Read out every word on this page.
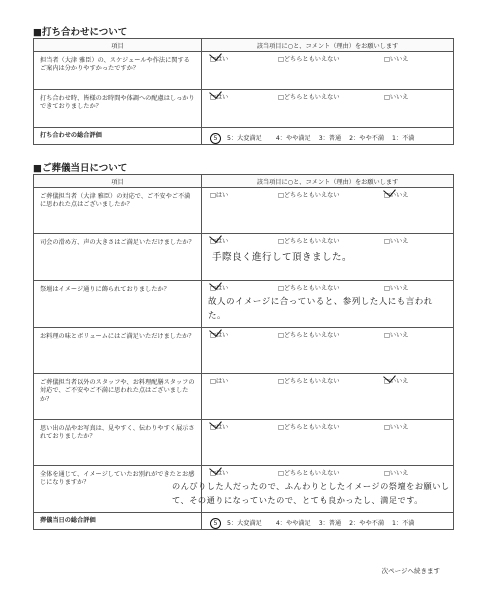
■打ち合わせについて
項目	該当項目に○と、コメント（理由）をお願いします

担当者（大津 雅臣）の、スケジュールや作法に関するご案内は分かりやすかったですか？	□はい □どちらともいえない □いいえ

打ち合わせ時、皆様のお時間や体調への配慮はしっかりできておりましたか？	□はい □どちらともいえない □いいえ

打ち合わせの総合評価	5 5：大変満足 4：やや満足 3：普通 2：やや不満 1：不満
■ご葬儀当日について
項目	該当項目に○と、コメント（理由）をお願いします

ご葬儀担当者（大津 雅臣）の対応で、ご不安やご不満に思われた点はございましたか？	□はい □どちらともいえない □いいえ

司会の滑め方、声の大きさはご満足いただけましたか？	□はい □どちらともいえない □いいえ
手際良く進行して頂きました。

祭壇はイメージ通りに飾られておりましたか？	□はい □どちらともいえない □いいえ
故人のイメージに合っていると、参列した人にも言われた。

お料理の味とボリュームにはご満足いただけましたか？	□はい □どちらともいえない □いいえ

ご葬儀担当者以外のスタッフや、お料理配膳スタッフの対応で、ご不安やご不満に思われた点はございましたか？	□はい □どちらともいえない □いいえ

思い出の品やお写真は、見やすく、伝わりやすく展示されておりましたか？	□はい □どちらともいえない □いいえ

全体を通じて、イメージしていたお別れができたとお感じになりますか？	□はい □どちらともいえない □いいえ
のんびりした人だったので、ふんわりとしたイメージの祭壇をお願いして、その通りになっていたので、とても良かったし、満足です。

葬儀当日の総合評価	5 5：大変満足 4：やや満足 3：普通 2：やや不満 1：不満
次ページへ続きます
